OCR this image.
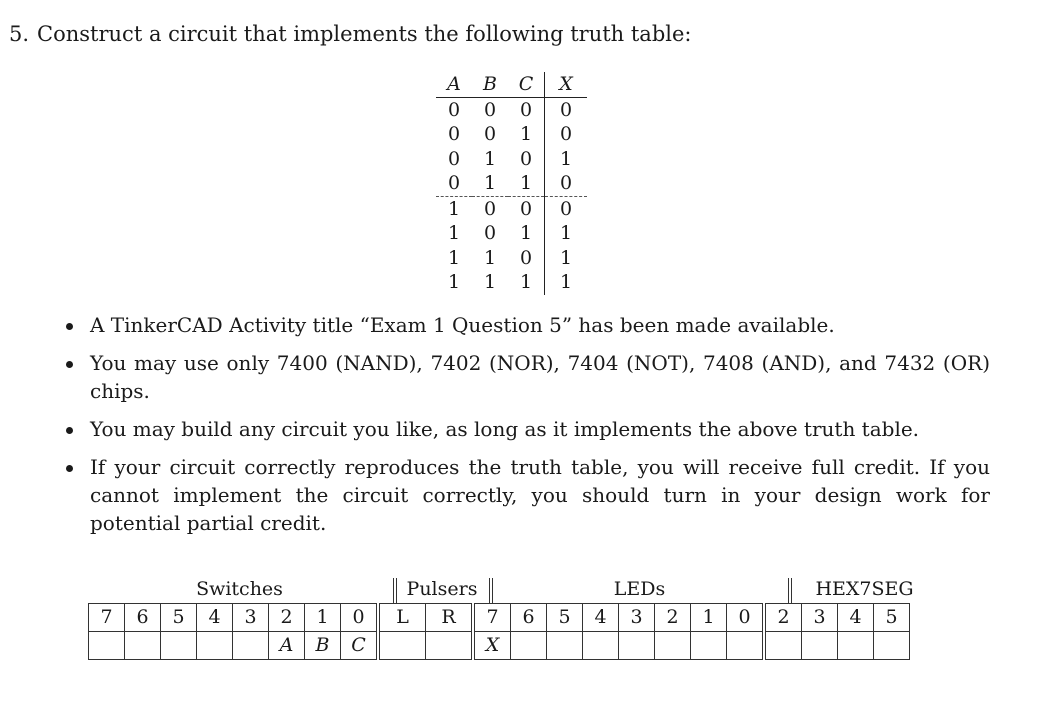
5. Construct a circuit that implements the following truth table:
A	B	C	X
0	0	0	0
0	0	1	0
0	1	0	1
0	1	1	0
1	0	0	0
1	0	1	1
1	1	0	1
1	1	1	1
A TinkerCAD Activity title “Exam 1 Question 5” has been made available.
You may use only 7400 (NAND), 7402 (NOR), 7404 (NOT), 7408 (AND), and 7432 (OR) chips.
You may build any circuit you like, as long as it implements the above truth table.
If your circuit correctly reproduces the truth table, you will receive full credit. If you cannot implement the circuit correctly, you should turn in your design work for potential partial credit.
Switches	Pulsers	LEDs	HEX7SEG
7	6	5	4	3	2	1	0	L	R	7	6	5	4	3	2	1	0	2	3	4	5
					A	B	C			X											
